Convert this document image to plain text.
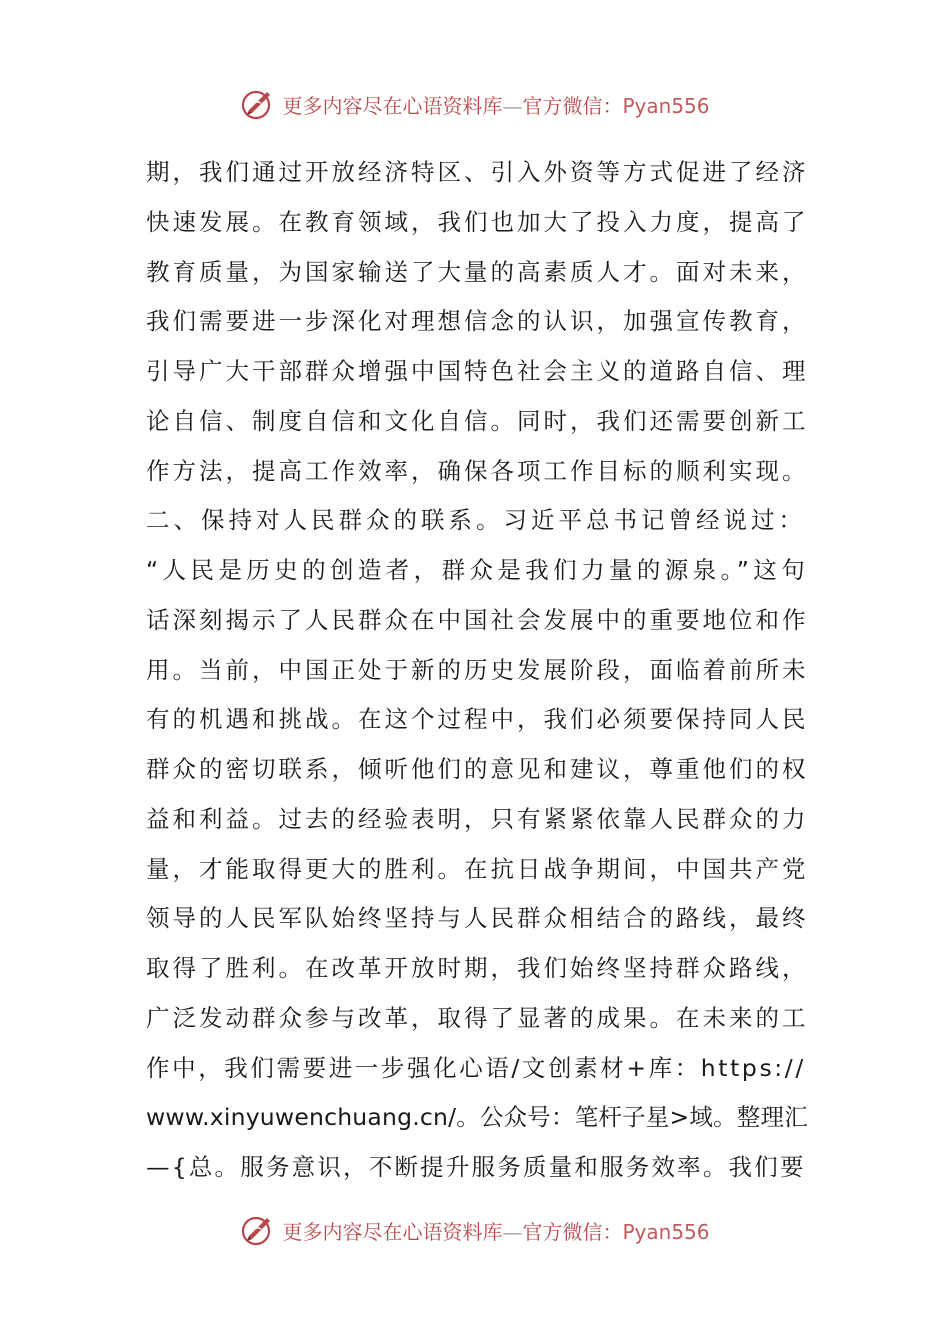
更多内容尽在心语资料库—官方微信：Pyan556
期，我们通过开放经济特区、引入外资等方式促进了经济
快速发展。在教育领域，我们也加大了投入力度，提高了
教育质量，为国家输送了大量的高素质人才。面对未来，
我们需要进一步深化对理想信念的认识，加强宣传教育，
引导广大干部群众增强中国特色社会主义的道路自信、理
论自信、制度自信和文化自信。同时，我们还需要创新工
作方法，提高工作效率，确保各项工作目标的顺利实现。
二、保持对人民群众的联系。习近平总书记曾经说过：
“人民是历史的创造者，群众是我们力量的源泉。”这句
话深刻揭示了人民群众在中国社会发展中的重要地位和作
用。当前，中国正处于新的历史发展阶段，面临着前所未
有的机遇和挑战。在这个过程中，我们必须要保持同人民
群众的密切联系，倾听他们的意见和建议，尊重他们的权
益和利益。过去的经验表明，只有紧紧依靠人民群众的力
量，才能取得更大的胜利。在抗日战争期间，中国共产党
领导的人民军队始终坚持与人民群众相结合的路线，最终
取得了胜利。在改革开放时期，我们始终坚持群众路线，
广泛发动群众参与改革，取得了显著的成果。在未来的工
作中，我们需要进一步强化心语/文创素材+库：https://
www.xinyuwenchuang.cn/。公众号：笔杆子星>域。整理汇
—{总。服务意识，不断提升服务质量和服务效率。我们要
更多内容尽在心语资料库—官方微信：Pyan556
